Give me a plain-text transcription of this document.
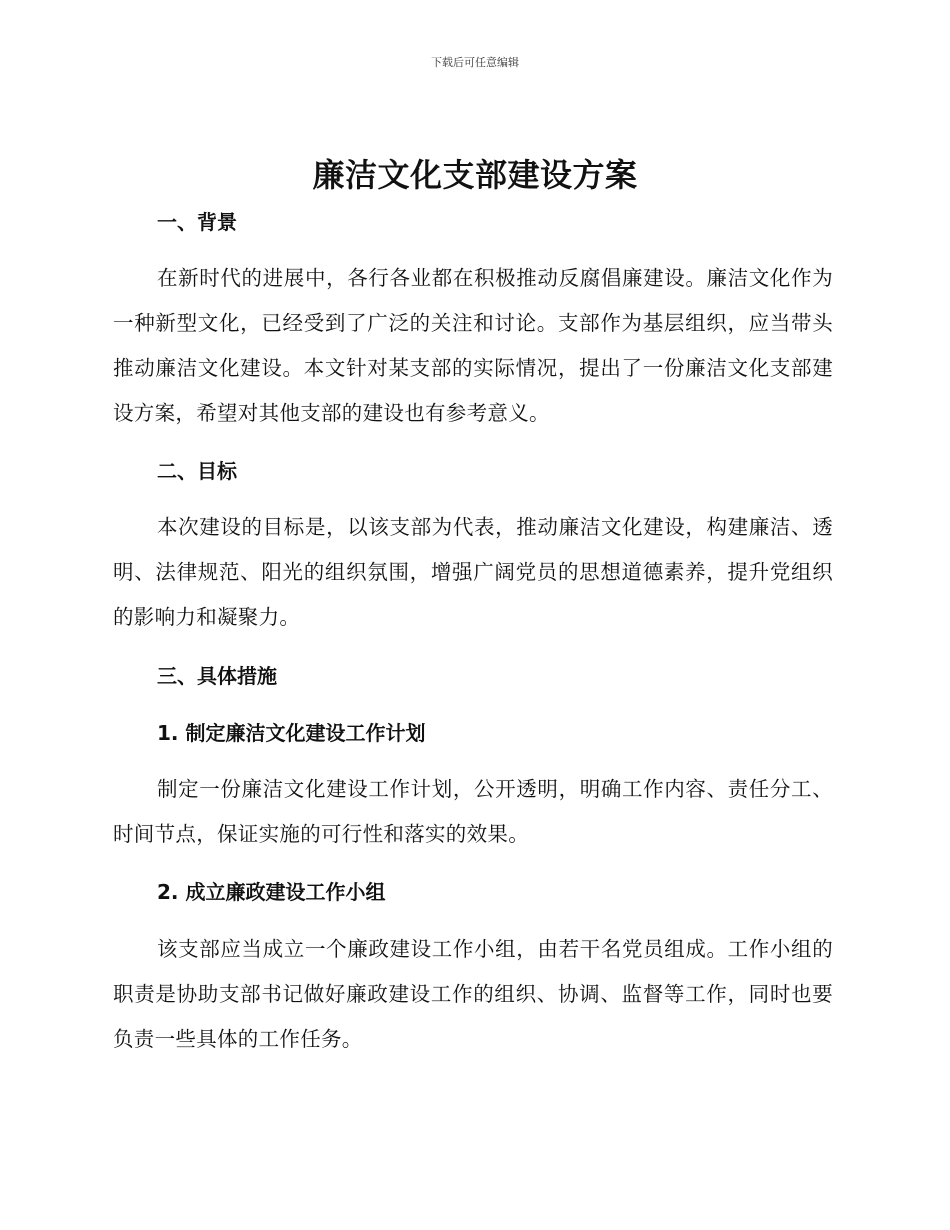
下载后可任意编辑
廉洁文化支部建设方案
一、背景
在新时代的进展中，各行各业都在积极推动反腐倡廉建设。廉洁文化作为一种新型文化，已经受到了广泛的关注和讨论。支部作为基层组织，应当带头推动廉洁文化建设。本文针对某支部的实际情况，提出了一份廉洁文化支部建设方案，希望对其他支部的建设也有参考意义。
二、目标
本次建设的目标是，以该支部为代表，推动廉洁文化建设，构建廉洁、透明、法律规范、阳光的组织氛围，增强广阔党员的思想道德素养，提升党组织的影响力和凝聚力。
三、具体措施
1. 制定廉洁文化建设工作计划
制定一份廉洁文化建设工作计划，公开透明，明确工作内容、责任分工、时间节点，保证实施的可行性和落实的效果。
2. 成立廉政建设工作小组
该支部应当成立一个廉政建设工作小组，由若干名党员组成。工作小组的职责是协助支部书记做好廉政建设工作的组织、协调、监督等工作，同时也要负责一些具体的工作任务。
